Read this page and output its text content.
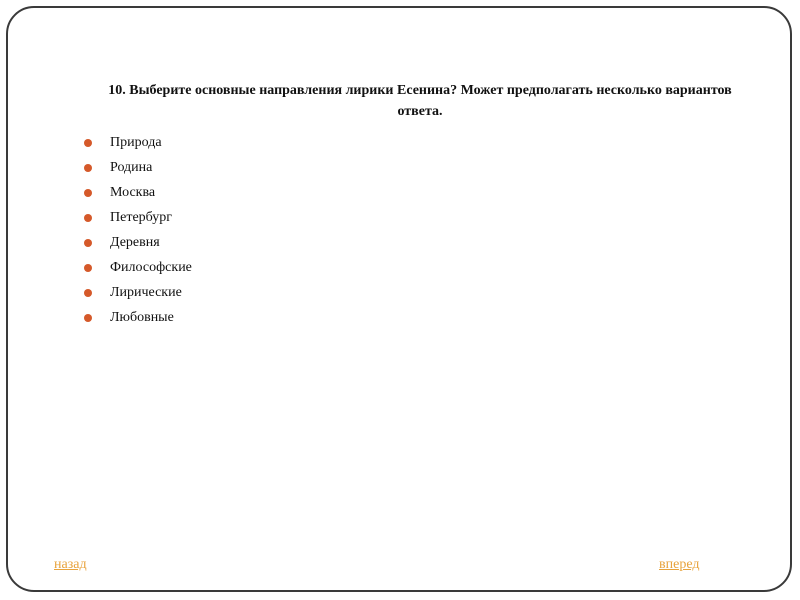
10. Выберите основные направления лирики Есенина? Может предполагать несколько вариантов ответа.
Природа
Родина
Москва
Петербург
Деревня
Философские
Лирические
Любовные
назад	вперед
